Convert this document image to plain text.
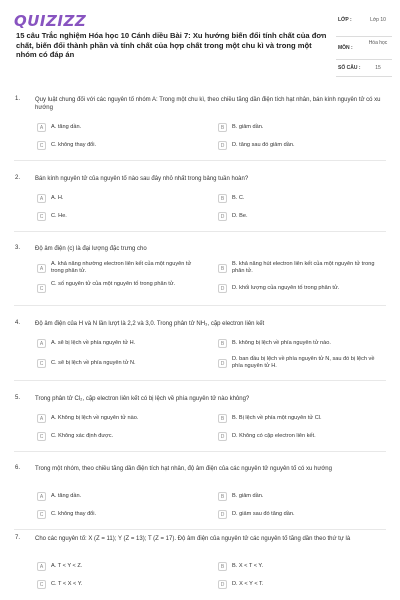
QUIZIZZ
15 câu Trắc nghiệm Hóa học 10 Cánh diều Bài 7: Xu hướng biến đổi tính chất của đơn chất, biến đổi thành phần và tính chất của hợp chất trong một chu kì và trong một nhóm có đáp án
LỚP :	Lớp 10
MÔN :
Hóa học
SỐ CÂU :	15
1. Quy luật chung đối với các nguyên tố nhóm A: Trong một chu kì, theo chiều tăng dần điện tích hạt nhân, bán kính nguyên tử có xu hướng
A	A. tăng dần.	B	B. giảm dần.
C	C. không thay đổi.	D	D. tăng sau đó giảm dần.
2. Bán kính nguyên tử của nguyên tố nào sau đây nhỏ nhất trong bảng tuần hoàn?
A	A. H.	B	B. C.
C	C. He.	D	D. Be.
3. Độ âm điện (c) là đại lượng đặc trưng cho
A
A. khả năng nhường electron liên kết của một nguyên tử trong phân tử.	B
B. khả năng hút electron liên kết của một nguyên tử trong phân tử.
C
C. số nguyên tử của một nguyên tố trong phân tử.
D	D. khối lượng của nguyên tố trong phân tử.
4. Độ âm điện của H và N lần lượt là 2,2 và 3,0. Trong phân tử NH₃, cặp electron liên kết
A	A. sẽ bị lệch về phía nguyên tử H.	B	B. không bị lệch về phía nguyên tử nào.
C	C. sẽ bị lệch về phía nguyên tử N.	D
D. ban đầu bị lệch về phía nguyên tử N, sau đó bị lệch về phía nguyên tử H.
5. Trong phân tử Cl₂, cặp electron liên kết có bị lệch về phía nguyên tử nào không?
A	A. Không bị lệch về nguyên tử nào.	B	B. Bị lệch về phía một nguyên tử Cl.
C	C. Không xác định được.	D	D. Không có cặp electron liên kết.
6. Trong một nhóm, theo chiều tăng dần điện tích hạt nhân, độ âm điện của các nguyên tử nguyên tố có xu hướng
A	A. tăng dần.	B	B. giảm dần.
C	C. không thay đổi.	D	D. giảm sau đó tăng dần.
7. Cho các nguyên tố: X (Z = 11); Y (Z = 13); T (Z = 17). Độ âm điện của nguyên tử các nguyên tố tăng dần theo thứ tự là
A	A. T < Y < Z.	B	B. X < T < Y.
C	C. T < X < Y.	D	D. X < Y < T.
